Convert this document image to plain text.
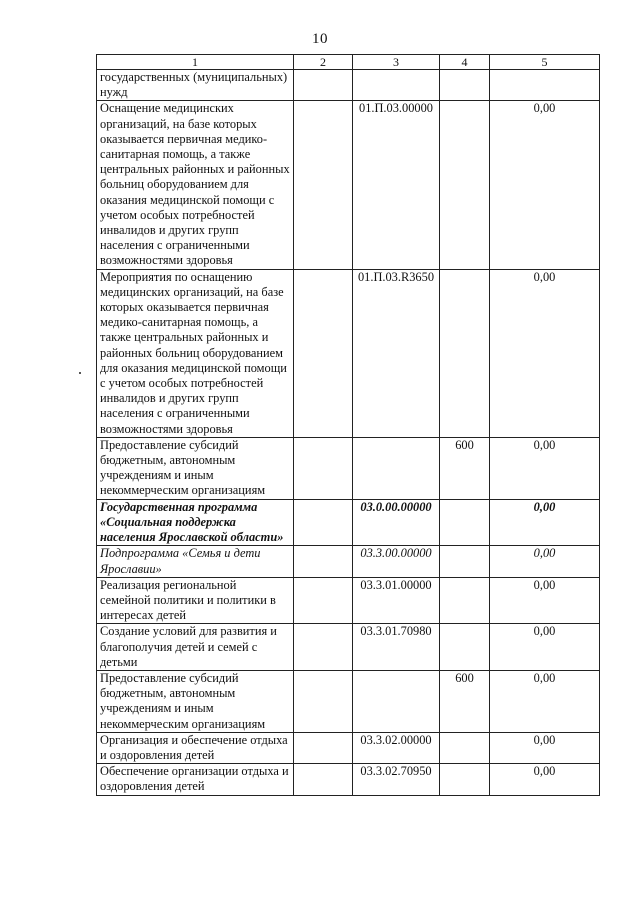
10
1	2	3	4	5
государственных (муниципальных) нужд				
Оснащение медицинских организаций, на базе которых оказывается первичная медико-санитарная помощь, а также центральных районных и районных больниц оборудованием для оказания медицинской помощи с учетом особых потребностей инвалидов и других групп населения с ограниченными возможностями здоровья		01.П.03.00000		0,00
Мероприятия по оснащению медицинских организаций, на базе которых оказывается первичная медико-санитарная помощь, а также центральных районных и районных больниц оборудованием для оказания медицинской помощи с учетом особых потребностей инвалидов и других групп населения с ограниченными возможностями здоровья		01.П.03.R3650		0,00
Предоставление субсидий бюджетным, автономным учреждениям и иным некоммерческим организациям			600	0,00
Государственная программа «Социальная поддержка населения Ярославской области»		03.0.00.00000		0,00
Подпрограмма «Семья и дети Ярославии»		03.3.00.00000		0,00
Реализация региональной семейной политики и политики в интересах детей		03.3.01.00000		0,00
Создание условий для развития и благополучия детей и семей с детьми		03.3.01.70980		0,00
Предоставление субсидий бюджетным, автономным учреждениям и иным некоммерческим организациям			600	0,00
Организация и обеспечение отдыха и оздоровления детей		03.3.02.00000		0,00
Обеспечение организации отдыха и оздоровления детей		03.3.02.70950		0,00
